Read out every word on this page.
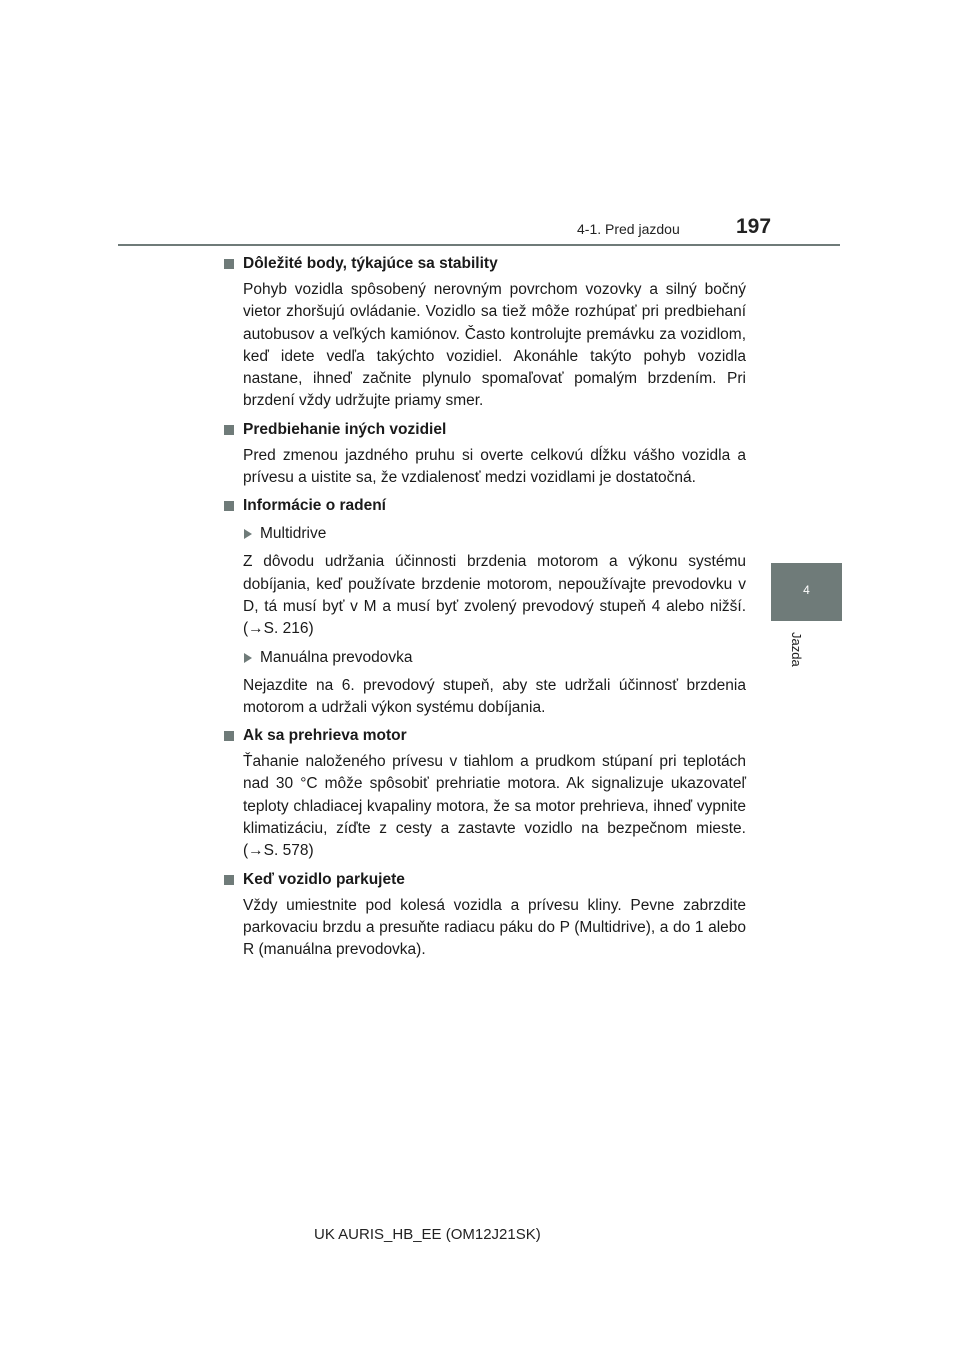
4-1. Pred jazdou	197
4
Jazda
Dôležité body, týkajúce sa stability
Pohyb vozidla spôsobený nerovným povrchom vozovky a silný bočný vietor zhoršujú ovládanie. Vozidlo sa tiež môže rozhúpať pri predbiehaní autobusov a veľkých kamiónov. Často kontrolujte premávku za vozidlom, keď idete vedľa takýchto vozidiel. Akonáhle takýto pohyb vozidla nastane, ihneď začnite plynulo spomaľovať pomalým brzdením. Pri brzdení vždy udržujte priamy smer.
Predbiehanie iných vozidiel
Pred zmenou jazdného pruhu si overte celkovú dĺžku vášho vozidla a prívesu a uistite sa, že vzdialenosť medzi vozidlami je dostatočná.
Informácie o radení
Multidrive
Z dôvodu udržania účinnosti brzdenia motorom a výkonu systému dobíjania, keď používate brzdenie motorom, nepoužívajte prevodovku v D, tá musí byť v M a musí byť zvolený prevodový stupeň 4 alebo nižší. (→S. 216)
Manuálna prevodovka
Nejazdite na 6. prevodový stupeň, aby ste udržali účinnosť brzdenia motorom a udržali výkon systému dobíjania.
Ak sa prehrieva motor
Ťahanie naloženého prívesu v tiahlom a prudkom stúpaní pri teplotách nad 30 °C môže spôsobiť prehriatie motora. Ak signalizuje ukazovateľ teploty chladiacej kvapaliny motora, že sa motor prehrieva, ihneď vypnite klimatizáciu, zíďte z cesty a zastavte vozidlo na bezpečnom mieste. (→S. 578)
Keď vozidlo parkujete
Vždy umiestnite pod kolesá vozidla a prívesu kliny. Pevne zabrzdite parkovaciu brzdu a presuňte radiacu páku do P (Multidrive), a do 1 alebo R (manuálna prevodovka).
UK AURIS_HB_EE (OM12J21SK)
